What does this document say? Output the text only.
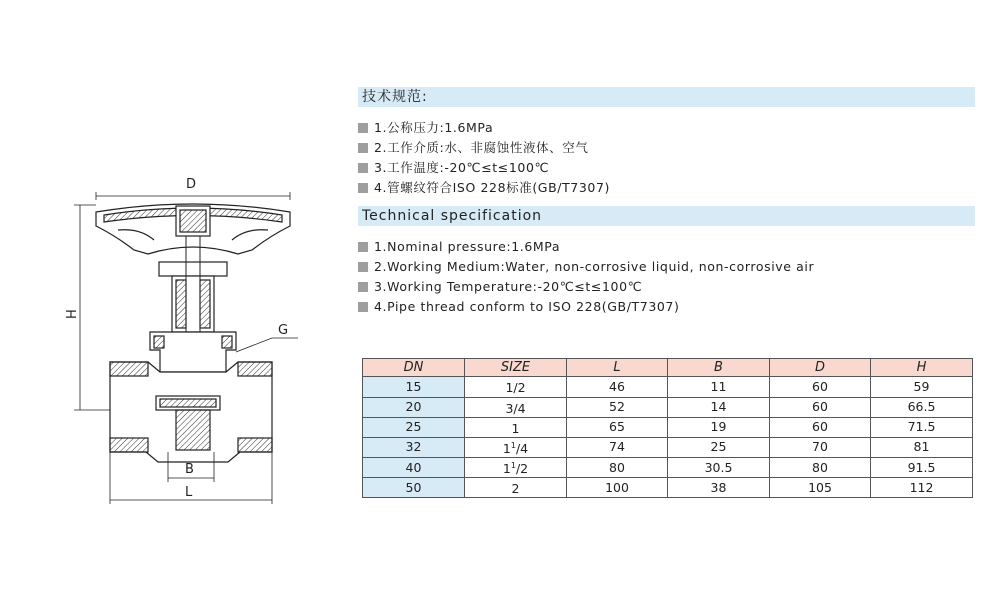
D
H
G
B
L
技术规范:
1.公称压力:1.6MPa
2.工作介质:水、非腐蚀性液体、空气
3.工作温度:-20℃≤t≤100℃
4.管螺纹符合ISO 228标准(GB/T7307)
Technical specification
1.Nominal pressure:1.6MPa
2.Working Medium:Water, non-corrosive liquid, non-corrosive air
3.Working Temperature:-20℃≤t≤100℃
4.Pipe thread conform to ISO 228(GB/T7307)
DN	SIZE	L	B	D	H
15	1/2	46	11	60	59
20	3/4	52	14	60	66.5
25	1	65	19	60	71.5
32	$1^1/4$	74	25	70	81
40	$1^1/2$	80	30.5	80	91.5
50	2	100	38	105	112
